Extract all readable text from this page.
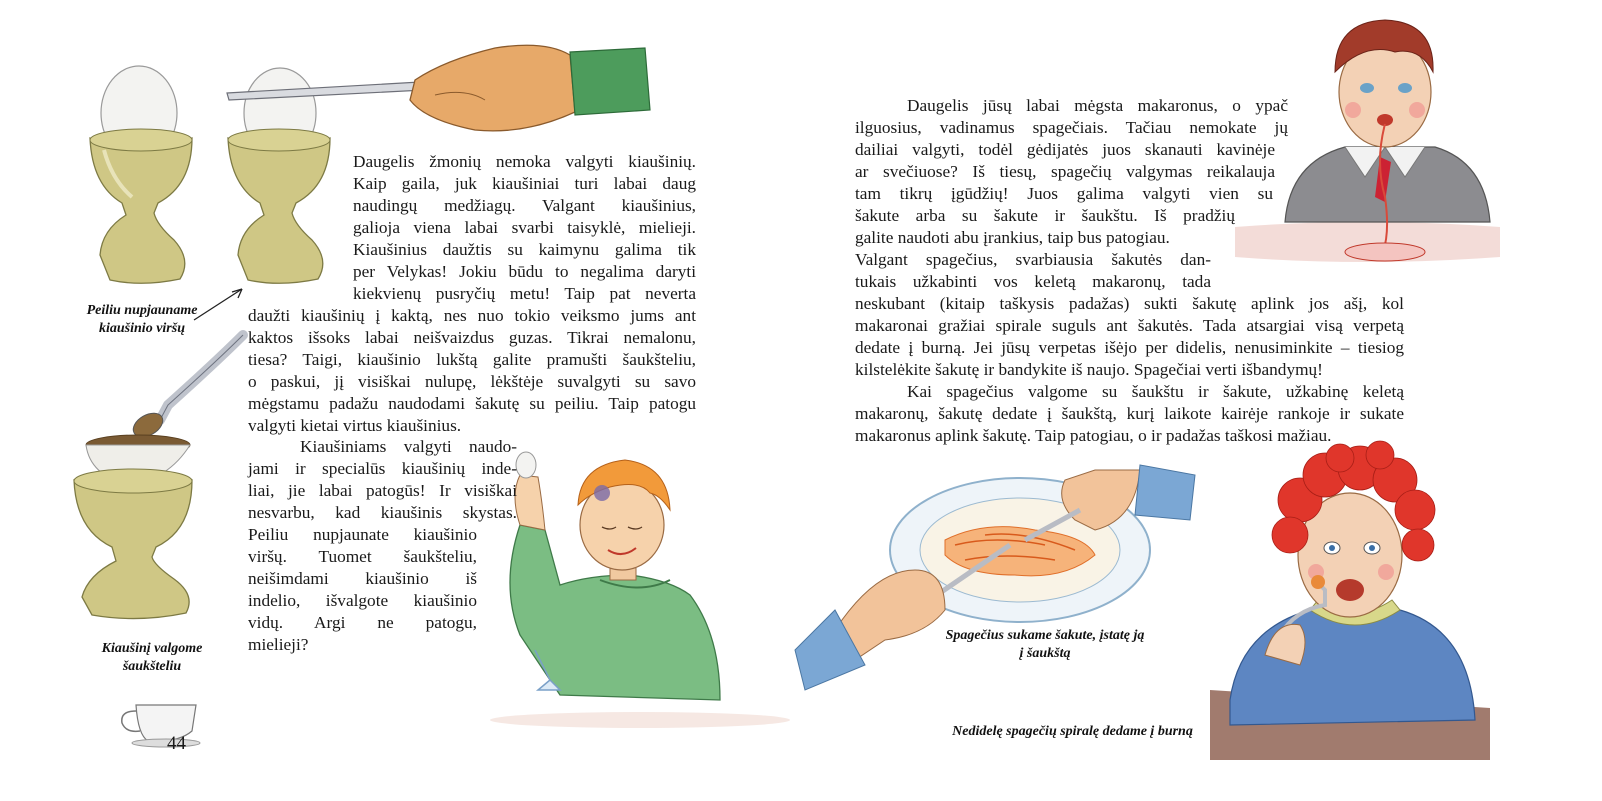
Peiliu nupjauname
kiaušinio viršų
Kiaušinį valgome
šaukšteliu
44

Daugelis žmonių nemoka valgyti kiaušinių.
Kaip gaila, juk kiaušiniai turi labai daug
naudingų medžiagų. Valgant kiaušinius,
galioja viena labai svarbi taisyklė, mielieji.
Kiaušinius daužtis su kaimynu galima tik
per Velykas! Jokiu būdu to negalima daryti
kiekvienų pusryčių metu! Taip pat neverta

daužti kiaušinių į kaktą, nes nuo tokio veiksmo jums ant
kaktos išsoks labai neišvaizdus guzas. Tikrai nemalonu,
tiesa? Taigi, kiaušinio lukštą galite pramušti šaukšteliu,
o paskui, jį visiškai nulupę, lėkštėje suvalgyti su savo
mėgstamu padažu naudodami šakutę su peiliu. Taip patogu
valgyti kietai virtus kiaušinius.

Kiaušiniams valgyti naudo-
jami ir specialūs kiaušinių inde-
liai, jie labai patogūs! Ir visiškai
nesvarbu, kad kiaušinis skystas.

Peiliu nupjaunate kiaušinio
viršų. Tuomet šaukšteliu,
neišimdami kiaušinio iš
indelio, išvalgote kiaušinio
vidų. Argi ne patogu,
mielieji?

Daugelis jūsų labai mėgsta makaronus, o ypač
ilguosius, vadinamus spagečiais. Tačiau nemokate jų

dailiai valgyti, todėl gėdijatės juos skanauti kavinėje
ar svečiuose? Iš tiesų, spagečių valgymas reikalauja

tam tikrų įgūdžių! Juos galima valgyti vien su

šakute arba su šakute ir šaukštu. Iš pradžių

galite naudoti abu įrankius, taip bus patogiau.

Valgant spagečius, svarbiausia šakutės dan-
tukais užkabinti vos keletą makaronų, tada

neskubant (kitaip taškysis padažas) sukti šakutę aplink jos ašį, kol
makaronai gražiai spirale suguls ant šakutės. Tada atsargiai visą verpetą
dedate į burną. Jei jūsų verpetas išėjo per didelis, nenusiminkite – tiesiog
kilstelėkite šakutę ir bandykite iš naujo. Spagečiai verti išbandymų!

Kai spagečius valgome su šaukštu ir šakute, užkabinę keletą
makaronų, šakutę dedate į šaukštą, kurį laikote kairėje rankoje ir sukate
makaronus aplink šakutę. Taip patogiau, o ir padažas taškosi mažiau.

Spagečius sukame šakute, įstatę ją
į šaukštą
Nedidelę spagečių spiralę dedame į burną
